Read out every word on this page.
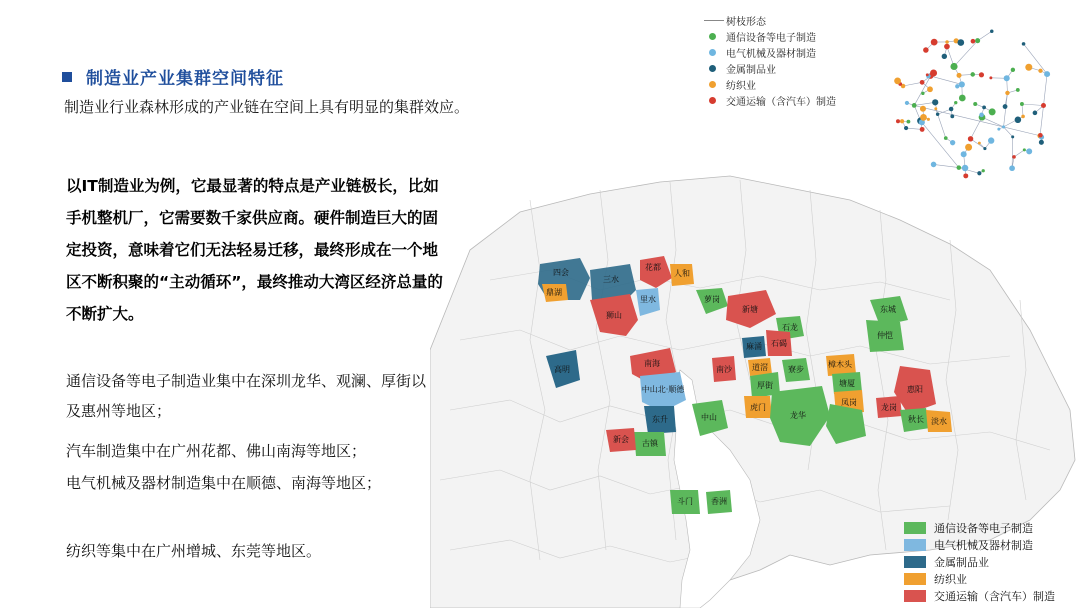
制造业产业集群空间特征
制造业行业森林形成的产业链在空间上具有明显的集群效应。
以IT制造业为例，它最显著的特点是产业链极长，比如手机整机厂，它需要数千家供应商。硬件制造巨大的固定投资，意味着它们无法轻易迁移，最终形成在一个地区不断积聚的“主动循环”，最终推动大湾区经济总量的不断扩大。
通信设备等电子制造业集中在深圳龙华、观澜、厚街以及惠州等地区；
汽车制造集中在广州花都、佛山南海等地区；
电气机械及器材制造集中在顺德、南海等地区；
纺织等集中在广州增城、东莞等地区。
四会
三水
花都
人和
鼎湖
里水
狮山
萝岗
新塘	东城
仲恺
石龙
石碣
麻涌
道滘
厚街
虎门
寮步
樟木头
塘厦
凤岗
惠阳
龙岗
龙华	秋长 淡水
高明
南海
中山北·顺德
东升
古镇
中山
南沙
新会
斗门 香洲
树枝形态
通信设备等电子制造
电气机械及器材制造
金属制品业
纺织业
交通运输（含汽车）制造
通信设备等电子制造
电气机械及器材制造
金属制品业
纺织业
交通运输（含汽车）制造
